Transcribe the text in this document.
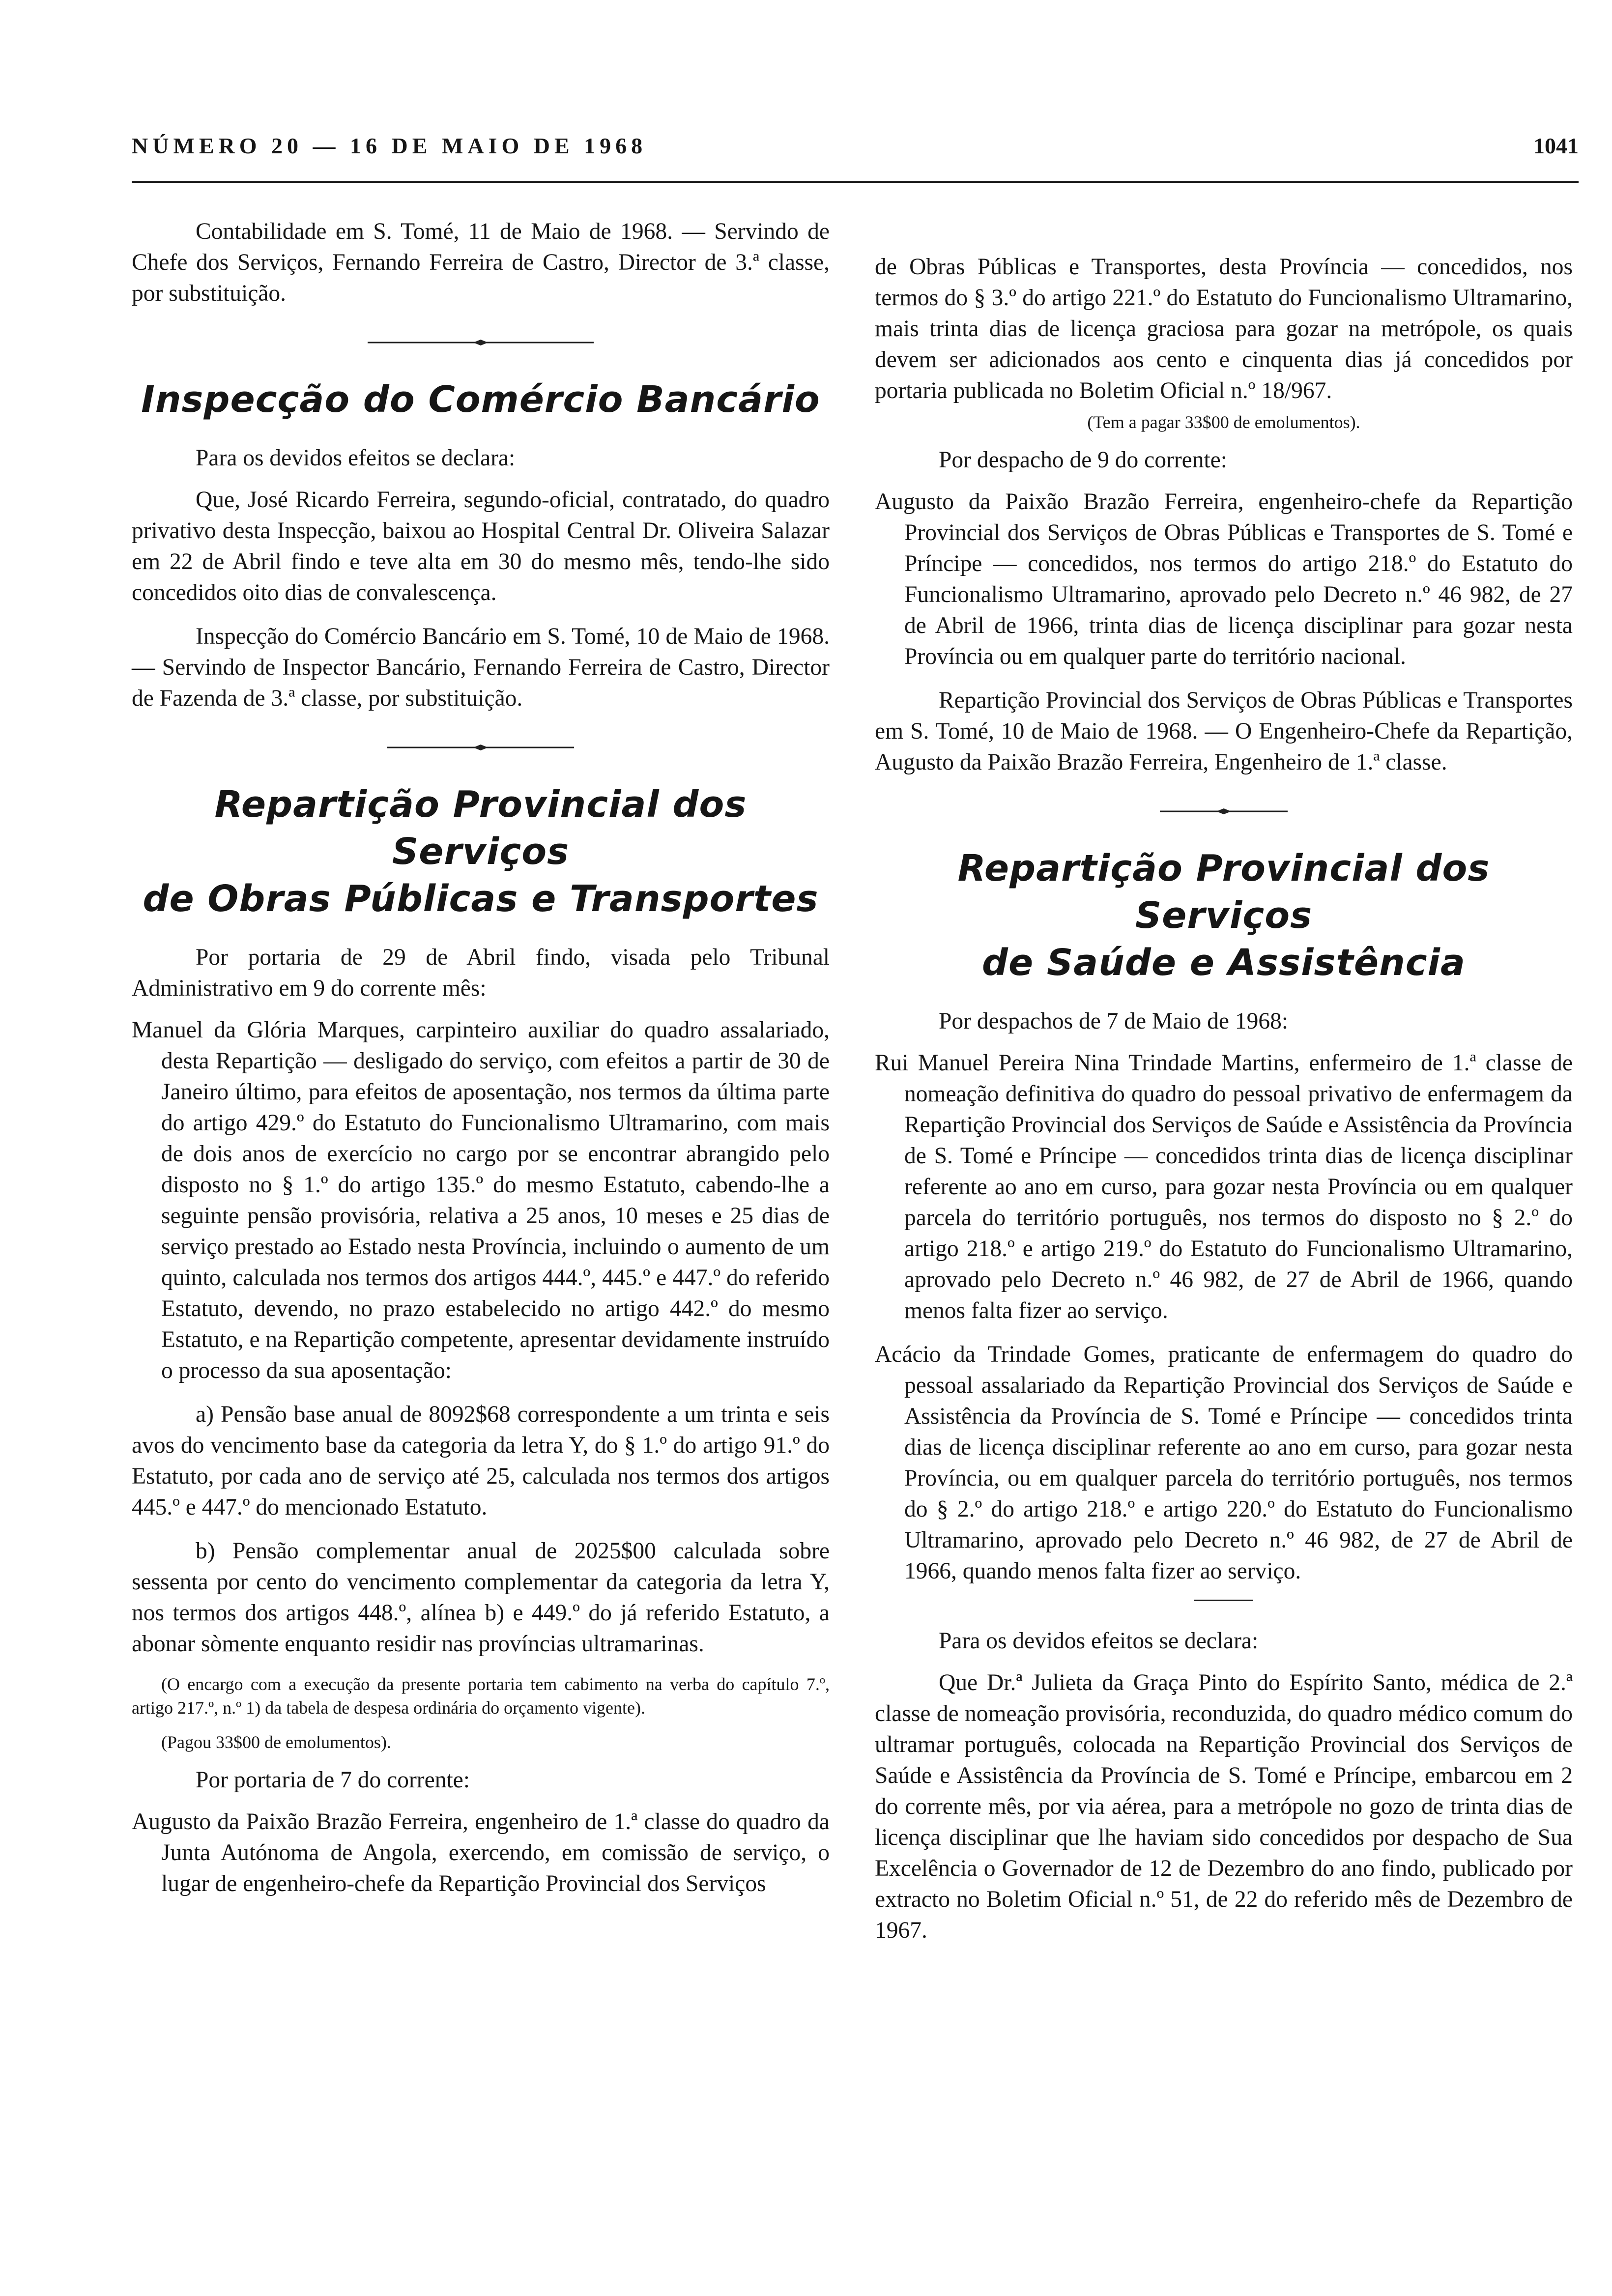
NÚMERO 20 — 16 DE MAIO DE 1968	1041

Contabilidade em S. Tomé, 11 de Maio de 1968. — Servindo de Chefe dos Serviços, Fernando Ferreira de Castro, Director de 3.ª classe, por substituição.

Inspecção do Comércio Bancário

Para os devidos efeitos se declara:

Que, José Ricardo Ferreira, segundo-oficial, contratado, do quadro privativo desta Inspecção, baixou ao Hospital Central Dr. Oliveira Salazar em 22 de Abril findo e teve alta em 30 do mesmo mês, tendo-lhe sido concedidos oito dias de convalescença.

Inspecção do Comércio Bancário em S. Tomé, 10 de Maio de 1968. — Servindo de Inspector Bancário, Fernando Ferreira de Castro, Director de Fazenda de 3.ª classe, por substituição.

Repartição Provincial dos Serviços
de Obras Públicas e Transportes

Por portaria de 29 de Abril findo, visada pelo Tribunal Administrativo em 9 do corrente mês:

Manuel da Glória Marques, carpinteiro auxiliar do quadro assalariado, desta Repartição — desligado do serviço, com efeitos a partir de 30 de Janeiro último, para efeitos de aposentação, nos termos da última parte do artigo 429.º do Estatuto do Funcionalismo Ultramarino, com mais de dois anos de exercício no cargo por se encontrar abrangido pelo disposto no § 1.º do artigo 135.º do mesmo Estatuto, cabendo-lhe a seguinte pensão provisória, relativa a 25 anos, 10 meses e 25 dias de serviço prestado ao Estado nesta Província, incluindo o aumento de um quinto, calculada nos termos dos artigos 444.º, 445.º e 447.º do referido Estatuto, devendo, no prazo estabelecido no artigo 442.º do mesmo Estatuto, e na Repartição competente, apresentar devidamente instruído o processo da sua aposentação:

a) Pensão base anual de 8092$68 correspondente a um trinta e seis avos do vencimento base da categoria da letra Y, do § 1.º do artigo 91.º do Estatuto, por cada ano de serviço até 25, calculada nos termos dos artigos 445.º e 447.º do mencionado Estatuto.

b) Pensão complementar anual de 2025$00 calculada sobre sessenta por cento do vencimento complementar da categoria da letra Y, nos termos dos artigos 448.º, alínea b) e 449.º do já referido Estatuto, a abonar sòmente enquanto residir nas províncias ultramarinas.

(O encargo com a execução da presente portaria tem cabimento na verba do capítulo 7.º, artigo 217.º, n.º 1) da tabela de despesa ordinária do orçamento vigente).

(Pagou 33$00 de emolumentos).

Por portaria de 7 do corrente:

Augusto da Paixão Brazão Ferreira, engenheiro de 1.ª classe do quadro da Junta Autónoma de Angola, exercendo, em comissão de serviço, o lugar de engenheiro-chefe da Repartição Provincial dos Serviços

de Obras Públicas e Transportes, desta Província — concedidos, nos termos do § 3.º do artigo 221.º do Estatuto do Funcionalismo Ultramarino, mais trinta dias de licença graciosa para gozar na metrópole, os quais devem ser adicionados aos cento e cinquenta dias já concedidos por portaria publicada no Boletim Oficial n.º 18/967.

(Tem a pagar 33$00 de emolumentos).

Por despacho de 9 do corrente:

Augusto da Paixão Brazão Ferreira, engenheiro-chefe da Repartição Provincial dos Serviços de Obras Públicas e Transportes de S. Tomé e Príncipe — concedidos, nos termos do artigo 218.º do Estatuto do Funcionalismo Ultramarino, aprovado pelo Decreto n.º 46 982, de 27 de Abril de 1966, trinta dias de licença disciplinar para gozar nesta Província ou em qualquer parte do território nacional.

Repartição Provincial dos Serviços de Obras Públicas e Transportes em S. Tomé, 10 de Maio de 1968. — O Engenheiro-Chefe da Repartição, Augusto da Paixão Brazão Ferreira, Engenheiro de 1.ª classe.

Repartição Provincial dos Serviços
de Saúde e Assistência

Por despachos de 7 de Maio de 1968:

Rui Manuel Pereira Nina Trindade Martins, enfermeiro de 1.ª classe de nomeação definitiva do quadro do pessoal privativo de enfermagem da Repartição Provincial dos Serviços de Saúde e Assistência da Província de S. Tomé e Príncipe — concedidos trinta dias de licença disciplinar referente ao ano em curso, para gozar nesta Província ou em qualquer parcela do território português, nos termos do disposto no § 2.º do artigo 218.º e artigo 219.º do Estatuto do Funcionalismo Ultramarino, aprovado pelo Decreto n.º 46 982, de 27 de Abril de 1966, quando menos falta fizer ao serviço.

Acácio da Trindade Gomes, praticante de enfermagem do quadro do pessoal assalariado da Repartição Provincial dos Serviços de Saúde e Assistência da Província de S. Tomé e Príncipe — concedidos trinta dias de licença disciplinar referente ao ano em curso, para gozar nesta Província, ou em qualquer parcela do território português, nos termos do § 2.º do artigo 218.º e artigo 220.º do Estatuto do Funcionalismo Ultramarino, aprovado pelo Decreto n.º 46 982, de 27 de Abril de 1966, quando menos falta fizer ao serviço.

Para os devidos efeitos se declara:

Que Dr.ª Julieta da Graça Pinto do Espírito Santo, médica de 2.ª classe de nomeação provisória, reconduzida, do quadro médico comum do ultramar português, colocada na Repartição Provincial dos Serviços de Saúde e Assistência da Província de S. Tomé e Príncipe, embarcou em 2 do corrente mês, por via aérea, para a metrópole no gozo de trinta dias de licença disciplinar que lhe haviam sido concedidos por despacho de Sua Excelência o Governador de 12 de Dezembro do ano findo, publicado por extracto no Boletim Oficial n.º 51, de 22 do referido mês de Dezembro de 1967.
